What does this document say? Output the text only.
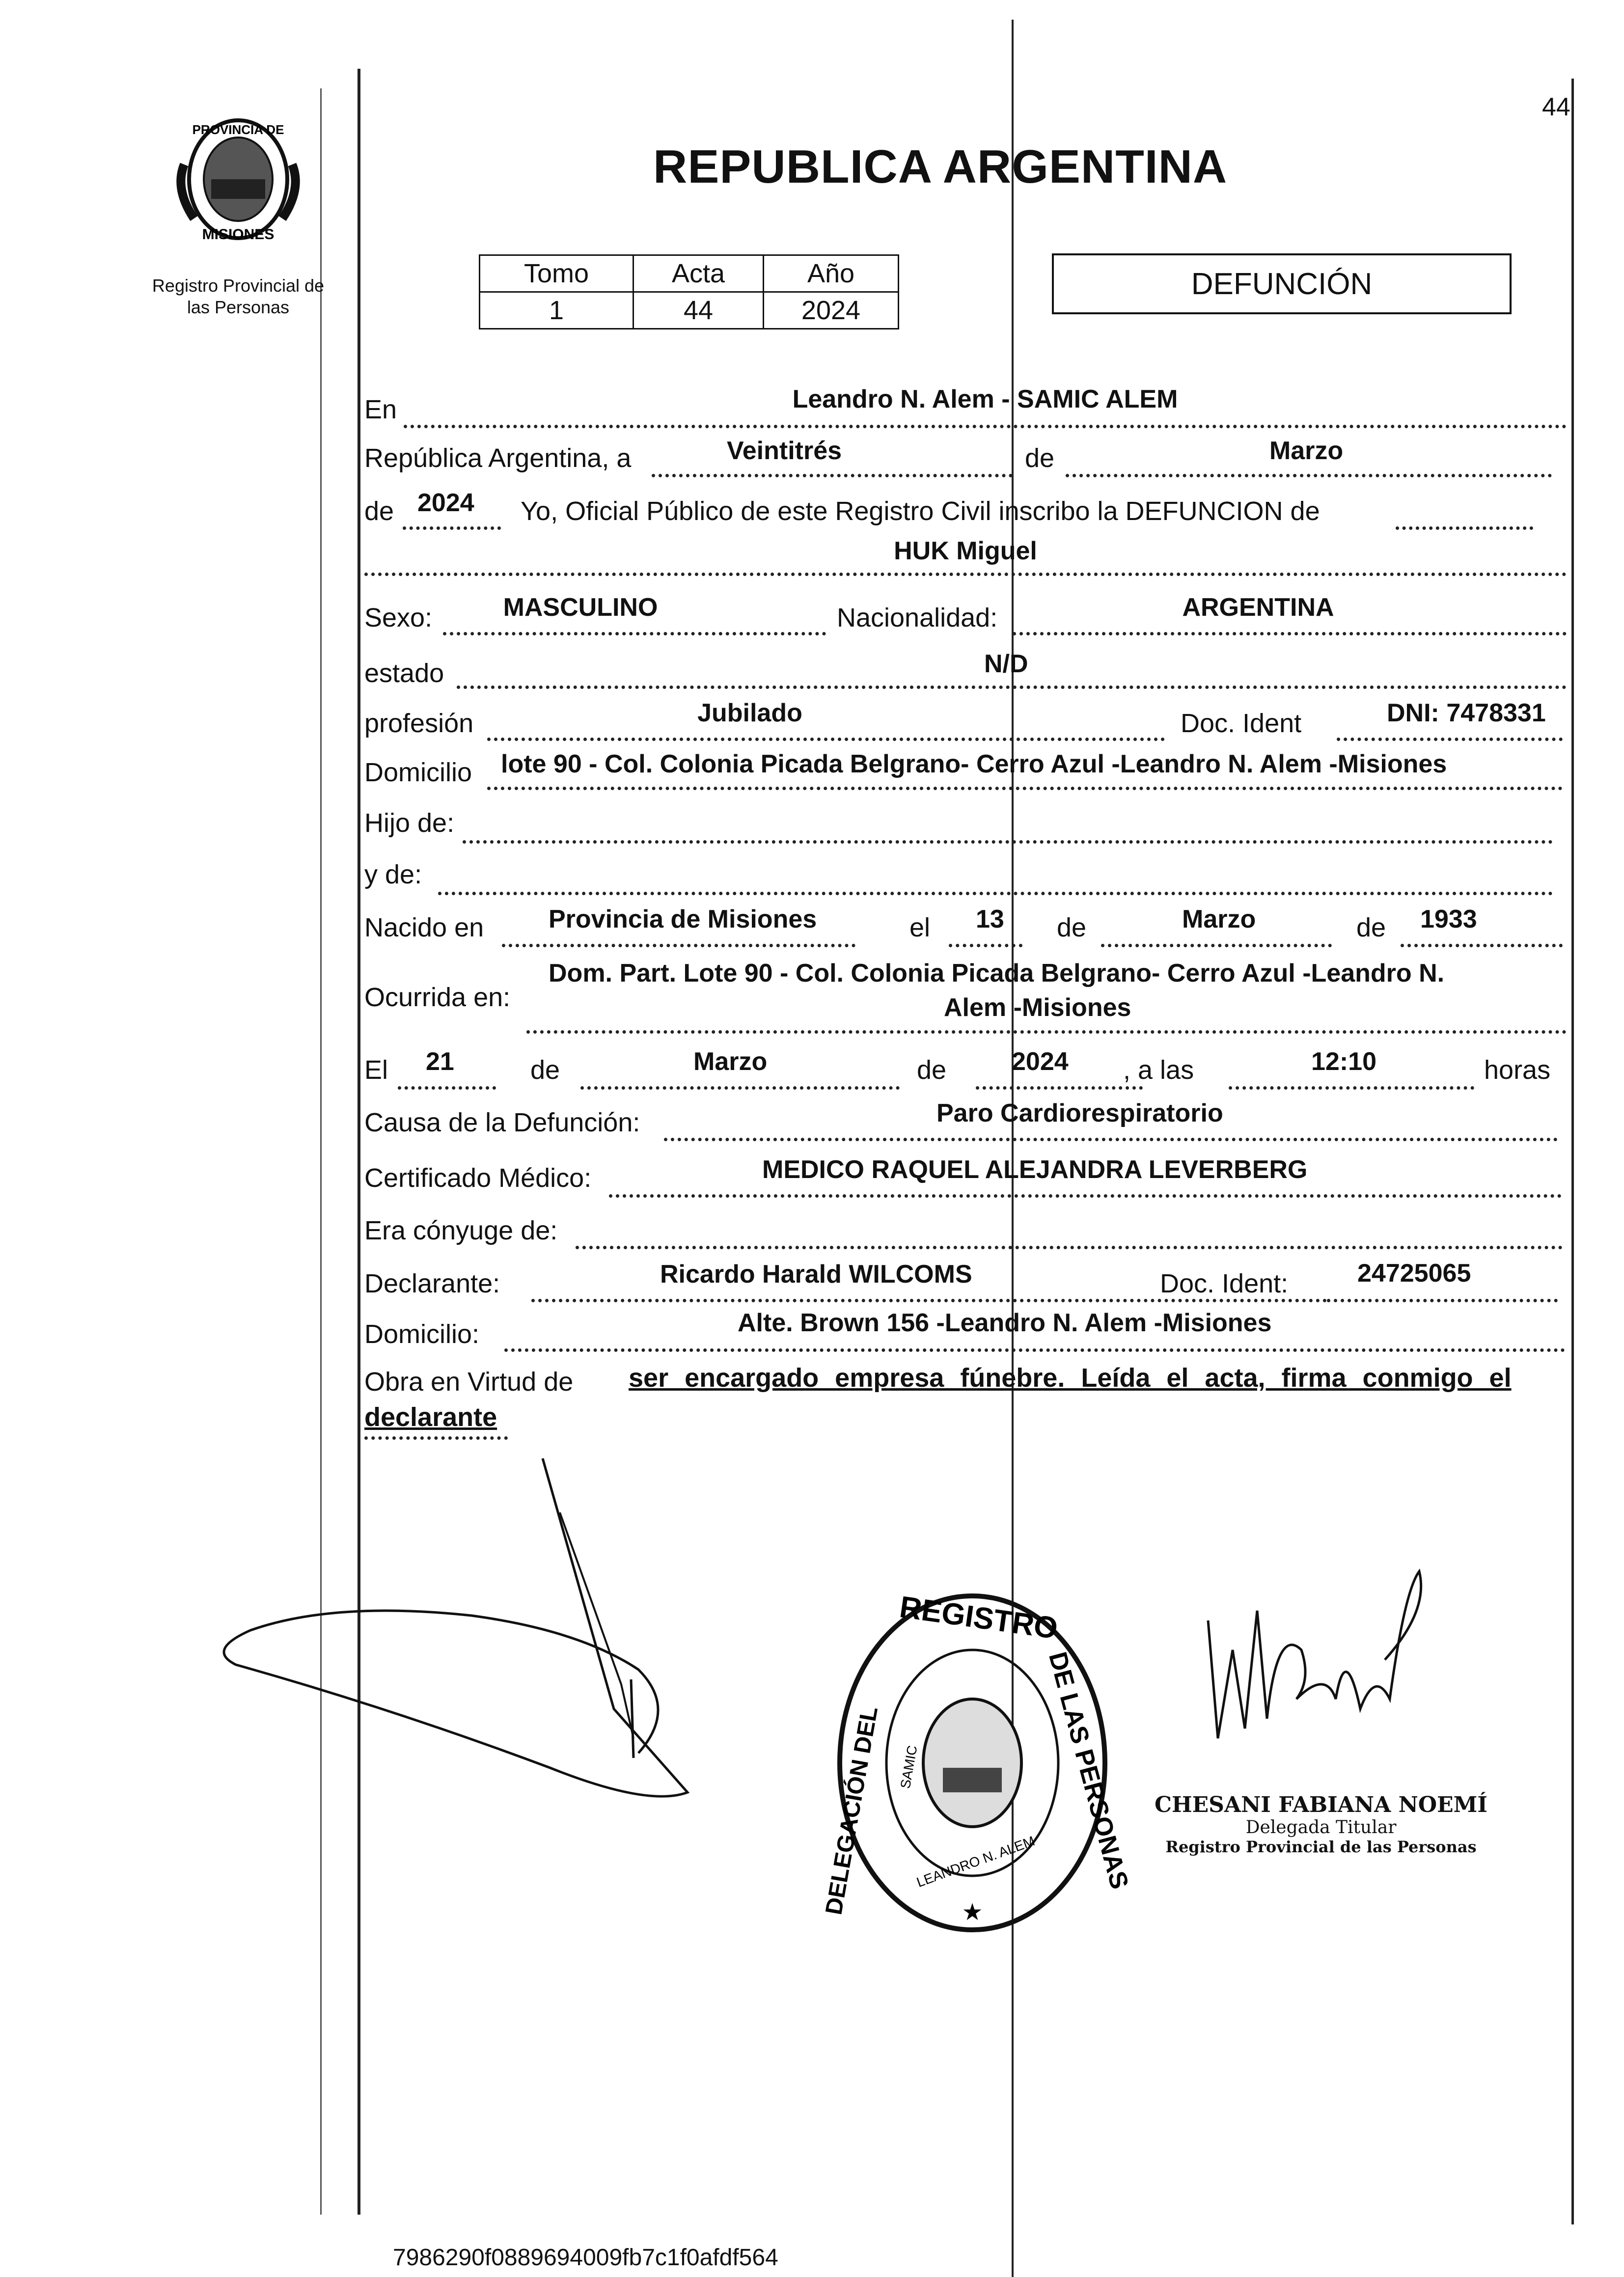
44
PROVINCIA DE
MISIONES
Registro Provincial de
las Personas
REPUBLICA ARGENTINA
Tomo	Acta	Año
1	44	2024
DEFUNCIÓN
En	Leandro N. Alem - SAMIC ALEM
República Argentina, a	Veintitrés	de	Marzo
de 2024 Yo, Oficial Público de este Registro Civil inscribo la DEFUNCION de
HUK Miguel
Sexo:	MASCULINO	Nacionalidad:	ARGENTINA
estado	N/D
profesión	Jubilado	Doc. Ident	DNI: 7478331
Domicilio lote 90 - Col. Colonia Picada Belgrano- Cerro Azul -Leandro N. Alem -Misiones
Hijo de:
y de:
Nacido en	Provincia de Misiones	el 13 de	Marzo	de 1933
Ocurrida en:
Dom. Part. Lote 90 - Col. Colonia Picada Belgrano- Cerro Azul -Leandro N.
Alem -Misiones
El 21	de	Marzo	de	2024 , a las	12:10	horas
Causa de la Defunción:	Paro Cardiorespiratorio
Certificado Médico:	MEDICO RAQUEL ALEJANDRA LEVERBERG
Era cónyuge de:
Declarante:	Ricardo Harald WILCOMS	Doc. Ident:	24725065
Domicilio:	Alte. Brown 156 -Leandro N. Alem -Misiones
Obra en Virtud de ser encargado empresa fúnebre. Leída el acta, firma conmigo el
declarante
REGISTRO
DELEGACIÓN DEL	DE LAS PERSONAS
SAMIC
LEANDRO N. ALEM
★
CHESANI FABIANA NOEMÍ
Delegada Titular
Registro Provincial de las Personas
7986290f0889694009fb7c1f0afdf564
